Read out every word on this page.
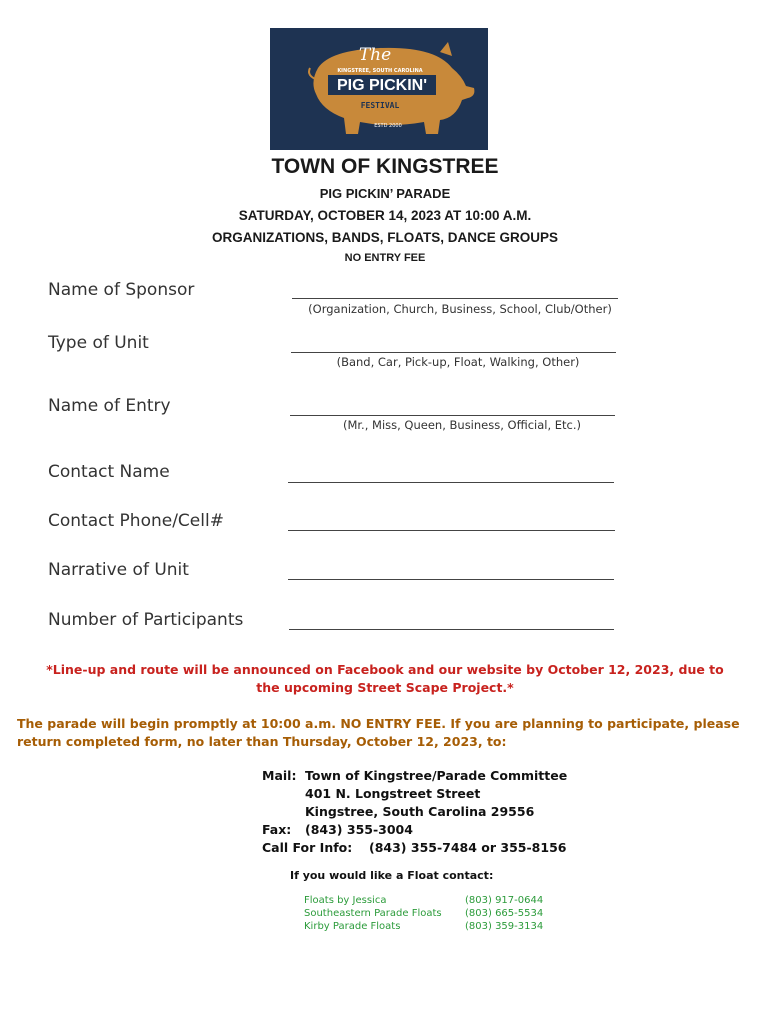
The
KINGSTREE, SOUTH CAROLINA
PIG PICKIN'
FESTIVAL
ESTD 2000
TOWN OF KINGSTREE
PIG PICKIN’ PARADE
SATURDAY, OCTOBER 14, 2023 AT 10:00 A.M.
ORGANIZATIONS, BANDS, FLOATS, DANCE GROUPS
NO ENTRY FEE
Name of Sponsor
(Organization, Church, Business, School, Club/Other)
Type of Unit
(Band, Car, Pick-up, Float, Walking, Other)
Name of Entry
(Mr., Miss, Queen, Business, Official, Etc.)
Contact Name
Contact Phone/Cell#
Narrative of Unit
Number of Participants
*Line-up and route will be announced on Facebook and our website by October 12, 2023, due to
the upcoming Street Scape Project.*
The parade will begin promptly at 10:00 a.m. NO ENTRY FEE. If you are planning to participate, please
return completed form, no later than Thursday, October 12, 2023, to:
Mail: Town of Kingstree/Parade Committee
401 N. Longstreet Street
Kingstree, South Carolina 29556
Fax: (843) 355-3004
Call For Info: (843) 355-7484 or 355-8156
If you would like a Float contact:
Floats by Jessica	(803) 917-0644
Southeastern Parade Floats (803) 665-5534
Kirby Parade Floats	(803) 359-3134
